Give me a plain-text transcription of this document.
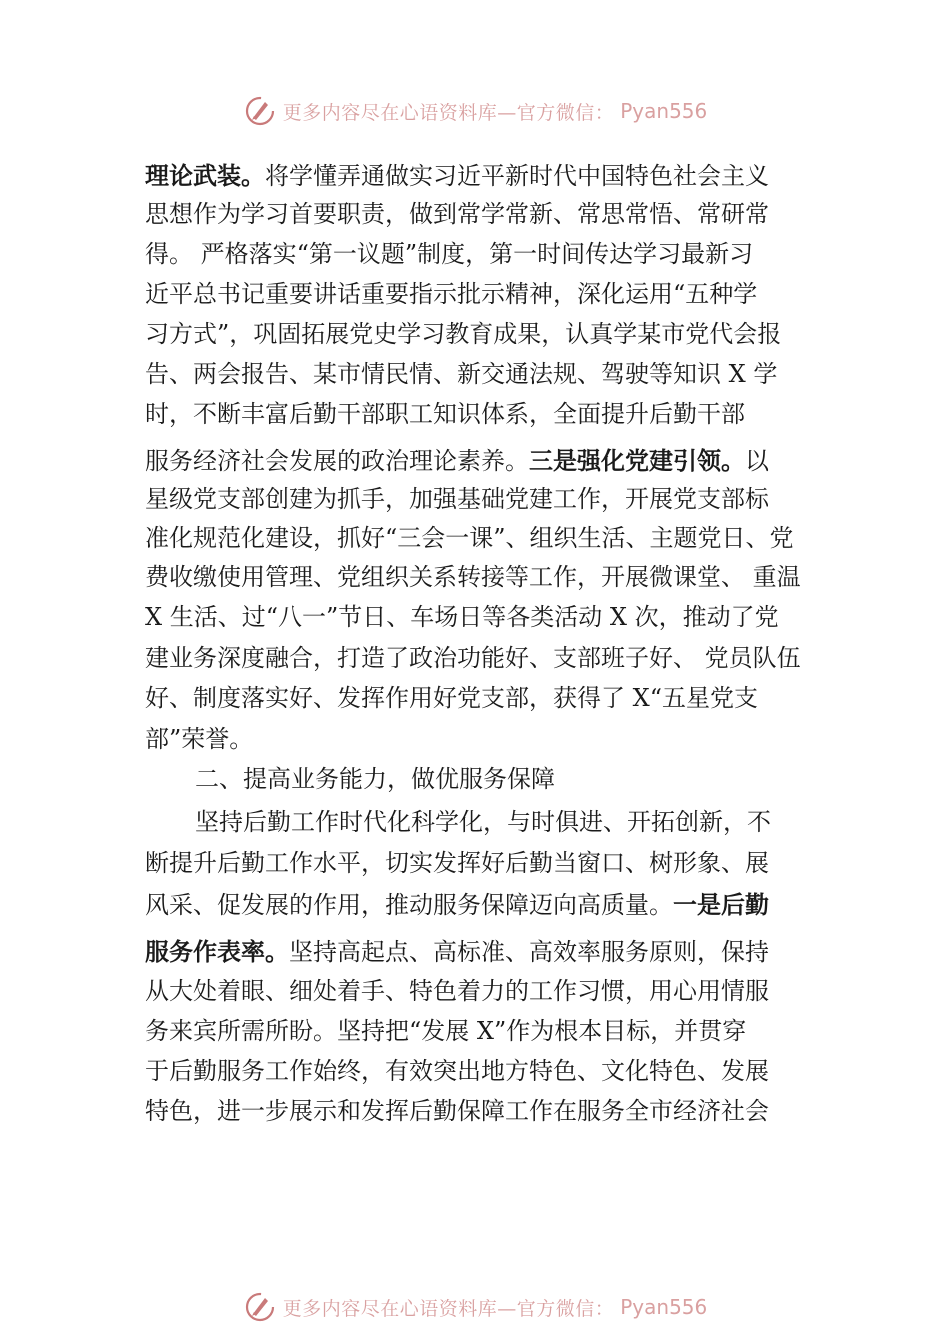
更多内容尽在心语资料库—官方微信： Pyan556
理论武装。将学懂弄通做实习近平新时代中国特色社会主义
思想作为学习首要职责，做到常学常新、常思常悟、常研常
得。 严格落实“第一议题”制度，第一时间传达学习最新习
近平总书记重要讲话重要指示批示精神，深化运用“五种学
习方式”，巩固拓展党史学习教育成果，认真学某市党代会报
告、两会报告、某市情民情、新交通法规、驾驶等知识 X 学
时，不断丰富后勤干部职工知识体系，全面提升后勤干部
服务经济社会发展的政治理论素养。三是强化党建引领。以
星级党支部创建为抓手，加强基础党建工作，开展党支部标
准化规范化建设，抓好“三会一课”、组织生活、主题党日、党
费收缴使用管理、党组织关系转接等工作，开展微课堂、 重温
X 生活、过“八一”节日、车场日等各类活动 X 次，推动了党
建业务深度融合，打造了政治功能好、支部班子好、 党员队伍
好、制度落实好、发挥作用好党支部，获得了 X“五星党支
部”荣誉。
二、提高业务能力，做优服务保障
坚持后勤工作时代化科学化，与时俱进、开拓创新，不
断提升后勤工作水平，切实发挥好后勤当窗口、树形象、展
风采、促发展的作用，推动服务保障迈向高质量。一是后勤
服务作表率。坚持高起点、高标准、高效率服务原则，保持
从大处着眼、细处着手、特色着力的工作习惯，用心用情服
务来宾所需所盼。坚持把“发展 X”作为根本目标，并贯穿
于后勤服务工作始终，有效突出地方特色、文化特色、发展
特色，进一步展示和发挥后勤保障工作在服务全市经济社会
更多内容尽在心语资料库—官方微信： Pyan556
